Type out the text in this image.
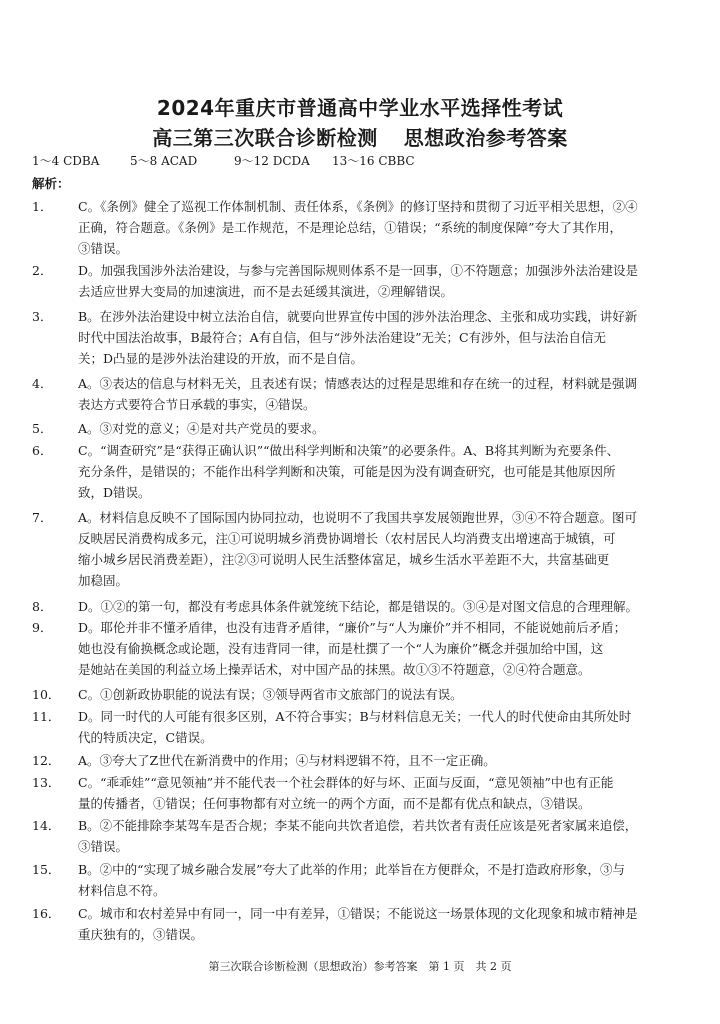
2024年重庆市普通高中学业水平选择性考试
高三第三次联合诊断检测 思想政治参考答案
1～4 CDBA	5～8 ACAD	9～12 DCDA 13～16 CBBC
解析：
1．	C。《条例》健全了巡视工作体制机制、责任体系，《条例》的修订坚持和贯彻了习近平相关思想，②④
正确，符合题意。《条例》是工作规范，不是理论总结，①错误；“系统的制度保障”夸大了其作用，
③错误。
2．	D。加强我国涉外法治建设，与参与完善国际规则体系不是一回事，①不符题意；加强涉外法治建设是
去适应世界大变局的加速演进，而不是去延缓其演进，②理解错误。
3．	B。在涉外法治建设中树立法治自信，就要向世界宣传中国的涉外法治理念、主张和成功实践，讲好新
时代中国法治故事，B最符合；A有自信，但与“涉外法治建设”无关；C有涉外，但与法治自信无
关；D凸显的是涉外法治建设的开放，而不是自信。
4．	A。③表达的信息与材料无关，且表述有误；情感表达的过程是思维和存在统一的过程，材料就是强调
表达方式要符合节日承载的事实，④错误。
5．	A。③对党的意义；④是对共产党员的要求。
6．	C。“调查研究”是“获得正确认识”“做出科学判断和决策”的必要条件。A、B将其判断为充要条件、
充分条件，是错误的；不能作出科学判断和决策，可能是因为没有调查研究，也可能是其他原因所
致，D错误。
7．	A。材料信息反映不了国际国内协同拉动，也说明不了我国共享发展领跑世界，③④不符合题意。图可
反映居民消费构成多元，注①可说明城乡消费协调增长（农村居民人均消费支出增速高于城镇，可
缩小城乡居民消费差距），注②③可说明人民生活整体富足，城乡生活水平差距不大，共富基础更
加稳固。
8．	D。①②的第一句，都没有考虑具体条件就笼统下结论，都是错误的。③④是对图文信息的合理理解。
9．	D。耶伦并非不懂矛盾律，也没有违背矛盾律，“廉价”与“人为廉价”并不相同，不能说她前后矛盾；
她也没有偷换概念或论题，没有违背同一律，而是杜撰了一个“人为廉价”概念并强加给中国，这
是她站在美国的利益立场上操弄话术，对中国产品的抹黑。故①③不符题意，②④符合题意。
10．	C。①创新政协职能的说法有误；③领导两省市文旅部门的说法有误。
11．	D。同一时代的人可能有很多区别，A不符合事实；B与材料信息无关；一代人的时代使命由其所处时
代的特质决定，C错误。
12．	A。③夸大了Z世代在新消费中的作用；④与材料逻辑不符，且不一定正确。
13．	C。“乖乖娃”“意见领袖”并不能代表一个社会群体的好与坏、正面与反面，“意见领袖”中也有正能
量的传播者，①错误；任何事物都有对立统一的两个方面，而不是都有优点和缺点，③错误。
14．	B。②不能排除李某驾车是否合规；李某不能向共饮者追偿，若共饮者有责任应该是死者家属来追偿，
③错误。
15．	B。②中的“实现了城乡融合发展”夸大了此举的作用；此举旨在方便群众，不是打造政府形象，③与
材料信息不符。
16．	C。城市和农村差异中有同一，同一中有差异，①错误；不能说这一场景体现的文化现象和城市精神是
重庆独有的，③错误。
第三次联合诊断检测（思想政治）参考答案　第 1 页　共 2 页
